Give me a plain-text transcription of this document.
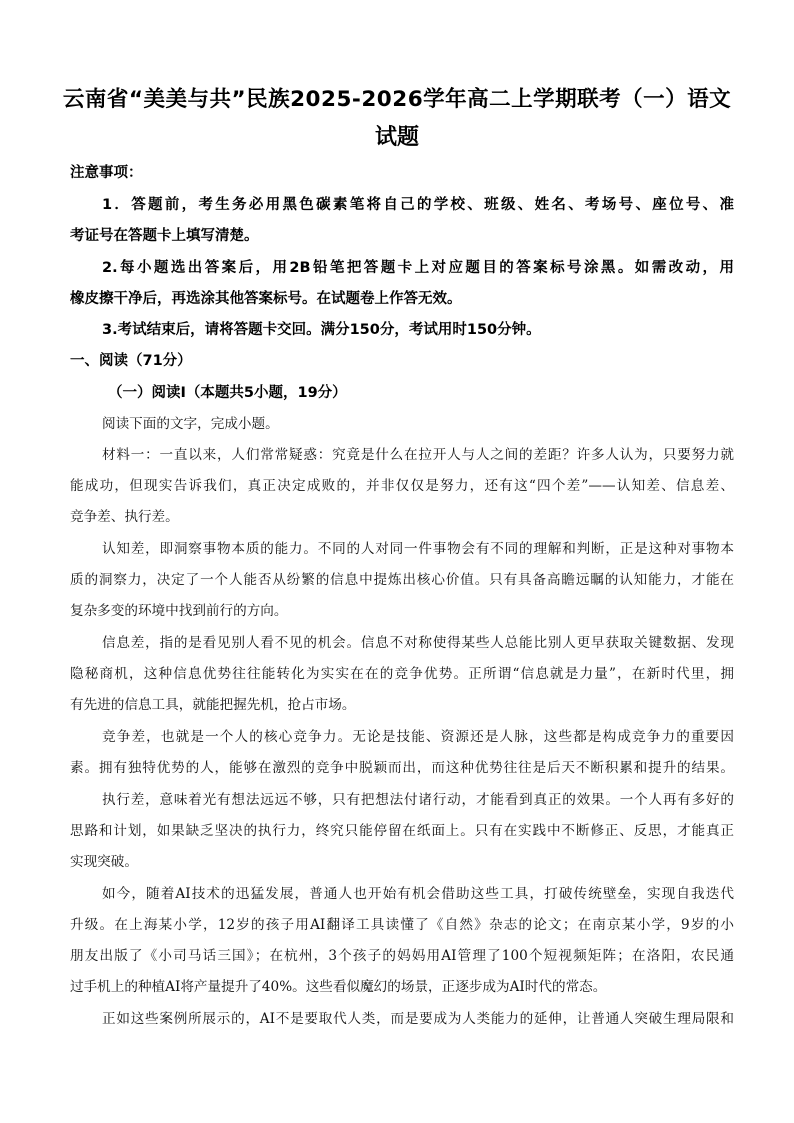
云南省“美美与共”民族2025-2026学年高二上学期联考（一）语文
试题
注意事项：
1．答题前，考生务必用黑色碳素笔将自己的学校、班级、姓名、考场号、座位号、准
考证号在答题卡上填写清楚。
2.每小题选出答案后，用2B铅笔把答题卡上对应题目的答案标号涂黑。如需改动，用
橡皮擦干净后，再选涂其他答案标号。在试题卷上作答无效。
3.考试结束后，请将答题卡交回。满分150分，考试用时150分钟。
一、阅读（71分）
（一）阅读Ⅰ（本题共5小题，19分）
阅读下面的文字，完成小题。
材料一：一直以来，人们常常疑惑：究竟是什么在拉开人与人之间的差距？许多人认为，只要努力就
能成功，但现实告诉我们，真正决定成败的，并非仅仅是努力，还有这“四个差”——认知差、信息差、
竞争差、执行差。
认知差，即洞察事物本质的能力。不同的人对同一件事物会有不同的理解和判断，正是这种对事物本
质的洞察力，决定了一个人能否从纷繁的信息中提炼出核心价值。只有具备高瞻远瞩的认知能力，才能在
复杂多变的环境中找到前行的方向。
信息差，指的是看见别人看不见的机会。信息不对称使得某些人总能比别人更早获取关键数据、发现
隐秘商机，这种信息优势往往能转化为实实在在的竞争优势。正所谓“信息就是力量”，在新时代里，拥
有先进的信息工具，就能把握先机，抢占市场。
竞争差，也就是一个人的核心竞争力。无论是技能、资源还是人脉，这些都是构成竞争力的重要因
素。拥有独特优势的人，能够在激烈的竞争中脱颖而出，而这种优势往往是后天不断积累和提升的结果。
执行差，意味着光有想法远远不够，只有把想法付诸行动，才能看到真正的效果。一个人再有多好的
思路和计划，如果缺乏坚决的执行力，终究只能停留在纸面上。只有在实践中不断修正、反思，才能真正
实现突破。
如今，随着AI技术的迅猛发展，普通人也开始有机会借助这些工具，打破传统壁垒，实现自我迭代
升级。在上海某小学，12岁的孩子用AI翻译工具读懂了《自然》杂志的论文；在南京某小学，9岁的小
朋友出版了《小司马话三国》；在杭州，3个孩子的妈妈用AI管理了100个短视频矩阵；在洛阳，农民通
过手机上的种植AI将产量提升了40%。这些看似魔幻的场景，正逐步成为AI时代的常态。
正如这些案例所展示的，AI不是要取代人类，而是要成为人类能力的延伸，让普通人突破生理局限和
